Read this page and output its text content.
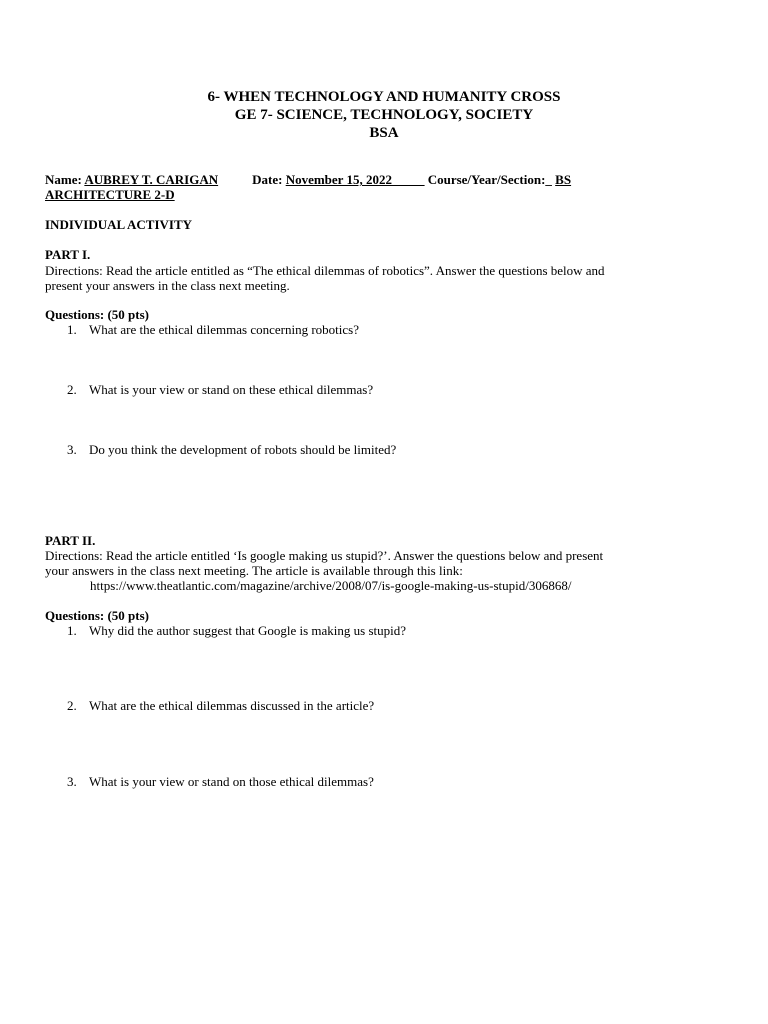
6- WHEN TECHNOLOGY AND HUMANITY CROSS
GE 7- SCIENCE, TECHNOLOGY, SOCIETY
BSA
Name: AUBREY T. CARIGAN	Date: November 15, 2022_____ Course/Year/Section:_ BS
ARCHITECTURE 2-D
INDIVIDUAL ACTIVITY
PART I.
Directions: Read the article entitled as “The ethical dilemmas of robotics”. Answer the questions below and
present your answers in the class next meeting.
Questions: (50 pts)
1. What are the ethical dilemmas concerning robotics?
2. What is your view or stand on these ethical dilemmas?
3. Do you think the development of robots should be limited?
PART II.
Directions: Read the article entitled ‘Is google making us stupid?’. Answer the questions below and present
your answers in the class next meeting. The article is available through this link:
https://www.theatlantic.com/magazine/archive/2008/07/is-google-making-us-stupid/306868/
Questions: (50 pts)
1. Why did the author suggest that Google is making us stupid?
2. What are the ethical dilemmas discussed in the article?
3. What is your view or stand on those ethical dilemmas?
